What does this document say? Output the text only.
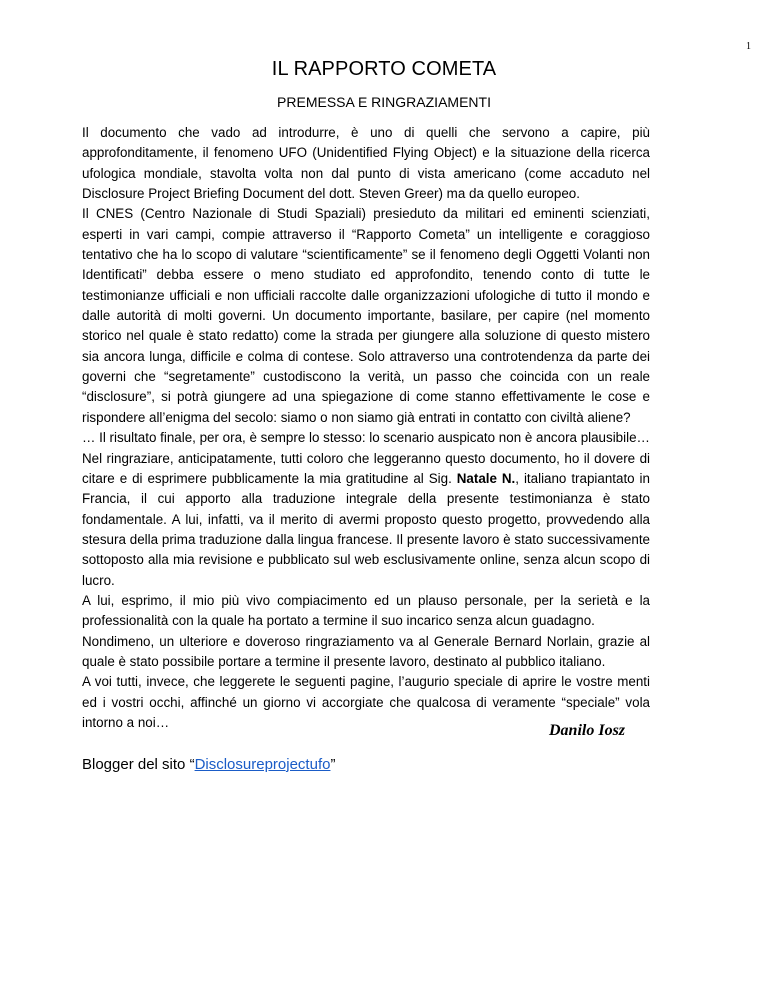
1
IL RAPPORTO COMETA
PREMESSA E RINGRAZIAMENTI

Il documento che vado ad introdurre, è uno di quelli che servono a capire, più approfonditamente, il fenomeno UFO (Unidentified Flying Object) e la situazione della ricerca ufologica mondiale, stavolta volta non dal punto di vista americano (come accaduto nel Disclosure Project Briefing Document del dott. Steven Greer) ma da quello europeo.

Il CNES (Centro Nazionale di Studi Spaziali) presieduto da militari ed eminenti scienziati, esperti in vari campi, compie attraverso il “Rapporto Cometa” un intelligente e coraggioso tentativo che ha lo scopo di valutare “scientificamente” se il fenomeno degli Oggetti Volanti non Identificati” debba essere o meno studiato ed approfondito, tenendo conto di tutte le testimonianze ufficiali e non ufficiali raccolte dalle organizzazioni ufologiche di tutto il mondo e dalle autorità di molti governi. Un documento importante, basilare, per capire (nel momento storico nel quale è stato redatto) come la strada per giungere alla soluzione di questo mistero sia ancora lunga, difficile e colma di contese. Solo attraverso una controtendenza da parte dei governi che “segretamente” custodiscono la verità, un passo che coincida con un reale “disclosure”, si potrà giungere ad una spiegazione di come stanno effettivamente le cose e rispondere all’enigma del secolo: siamo o non siamo già entrati in contatto con civiltà aliene?

… Il risultato finale, per ora, è sempre lo stesso: lo scenario auspicato non è ancora plausibile…

Nel ringraziare, anticipatamente, tutti coloro che leggeranno questo documento, ho il dovere di citare e di esprimere pubblicamente la mia gratitudine al Sig. Natale N., italiano trapiantato in Francia, il cui apporto alla traduzione integrale della presente testimonianza è stato fondamentale. A lui, infatti, va il merito di avermi proposto questo progetto, provvedendo alla stesura della prima traduzione dalla lingua francese. Il presente lavoro è stato successivamente sottoposto alla mia revisione e pubblicato sul web esclusivamente online, senza alcun scopo di lucro.

A lui, esprimo, il mio più vivo compiacimento ed un plauso personale, per la serietà e la professionalità con la quale ha portato a termine il suo incarico senza alcun guadagno.

Nondimeno, un ulteriore e doveroso ringraziamento va al Generale Bernard Norlain, grazie al quale è stato possibile portare a termine il presente lavoro, destinato al pubblico italiano.

A voi tutti, invece, che leggerete le seguenti pagine, l’augurio speciale di aprire le vostre menti ed i vostri occhi, affinché un giorno vi accorgiate che qualcosa di veramente “speciale” vola intorno a noi…	Danilo Iosz
Blogger del sito “Disclosureprojectufo”
